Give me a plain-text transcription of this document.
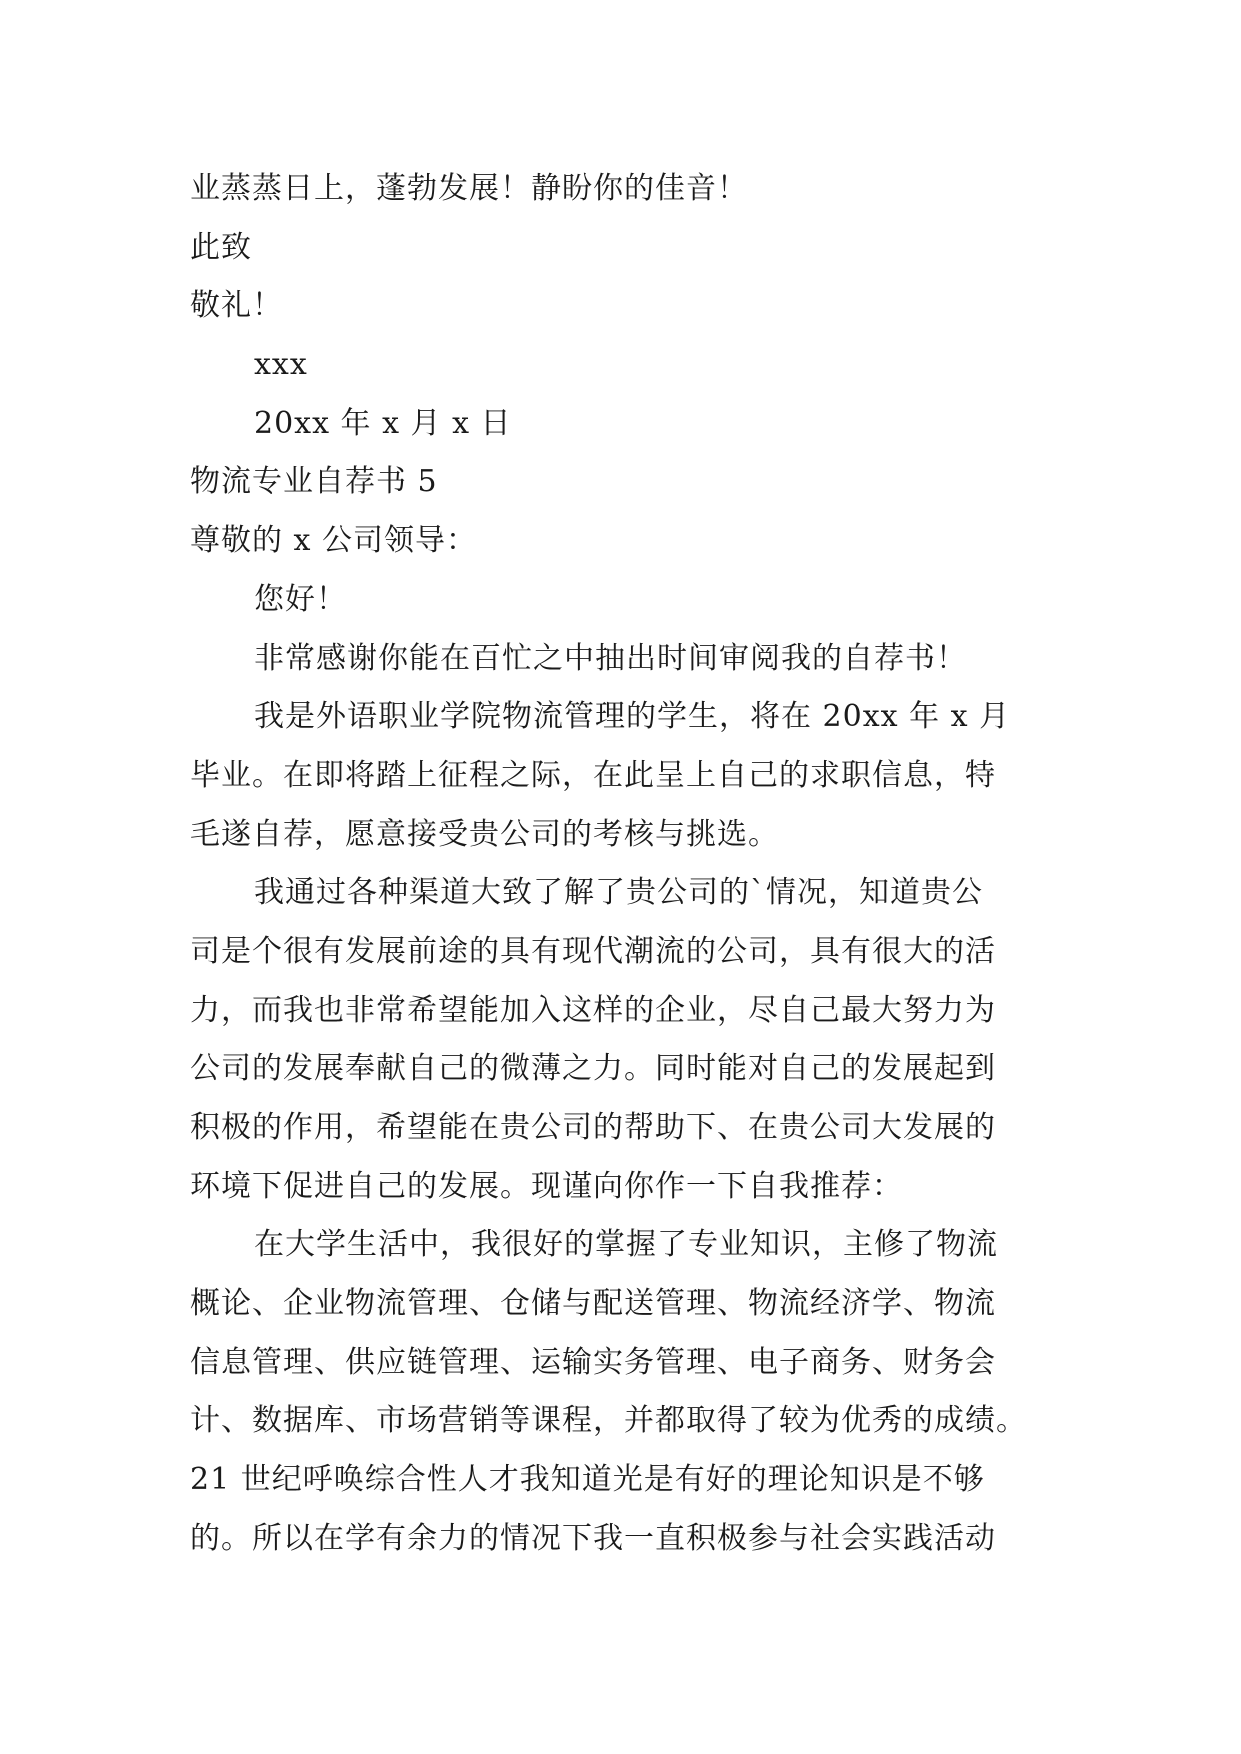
业蒸蒸日上，蓬勃发展！静盼你的佳音！
此致
敬礼！
xxx
20xx 年 x 月 x 日
物流专业自荐书 5
尊敬的 x 公司领导：
您好！
非常感谢你能在百忙之中抽出时间审阅我的自荐书！
我是外语职业学院物流管理的学生，将在 20xx 年 x 月
毕业。在即将踏上征程之际，在此呈上自己的求职信息，特
毛遂自荐，愿意接受贵公司的考核与挑选。
我通过各种渠道大致了解了贵公司的`情况，知道贵公
司是个很有发展前途的具有现代潮流的公司，具有很大的活
力，而我也非常希望能加入这样的企业，尽自己最大努力为
公司的发展奉献自己的微薄之力。同时能对自己的发展起到
积极的作用，希望能在贵公司的帮助下、在贵公司大发展的
环境下促进自己的发展。现谨向你作一下自我推荐：
在大学生活中，我很好的掌握了专业知识，主修了物流
概论、企业物流管理、仓储与配送管理、物流经济学、物流
信息管理、供应链管理、运输实务管理、电子商务、财务会
计、数据库、市场营销等课程，并都取得了较为优秀的成绩。
21 世纪呼唤综合性人才我知道光是有好的理论知识是不够
的。所以在学有余力的情况下我一直积极参与社会实践活动
